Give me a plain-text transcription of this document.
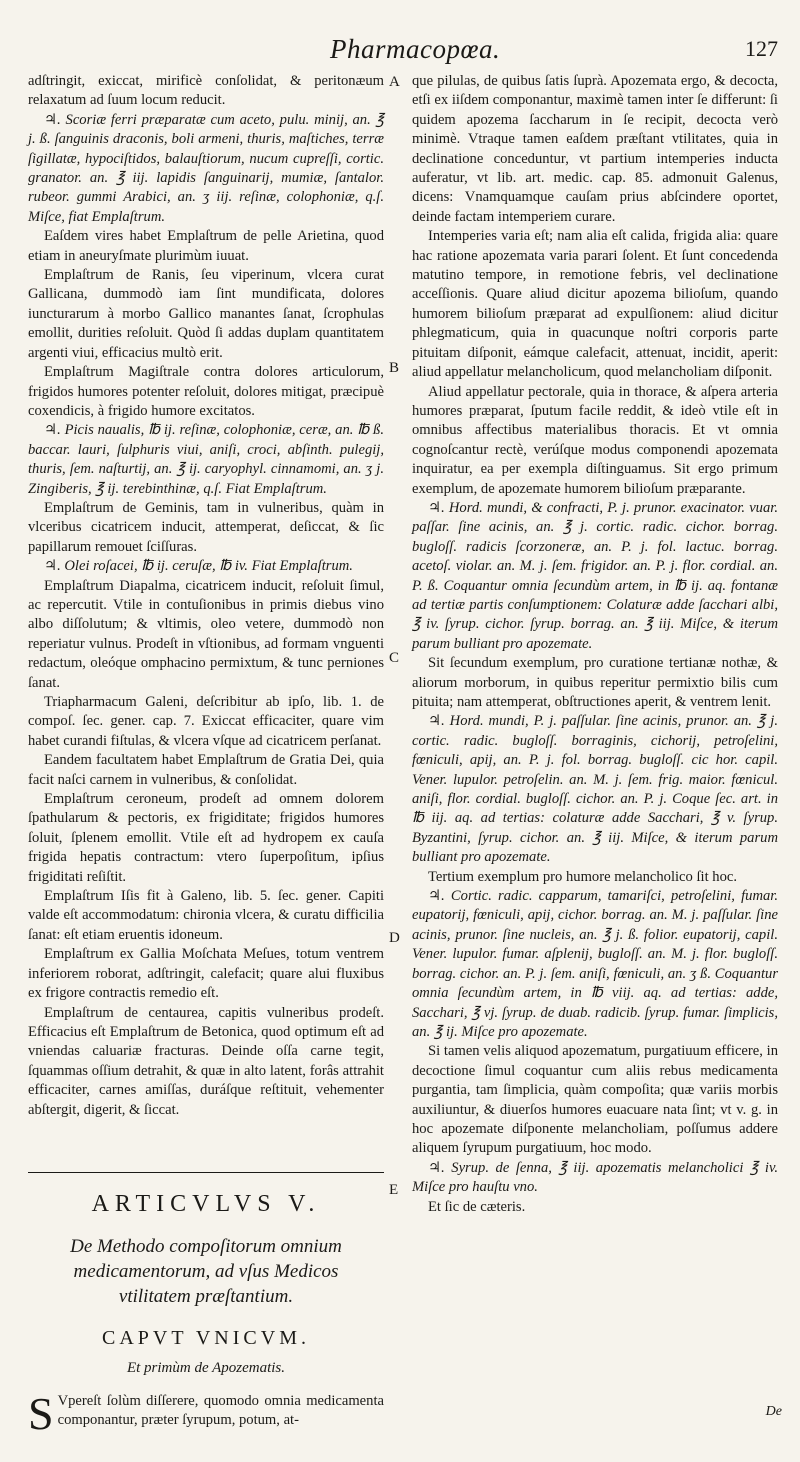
Pharmacopœa.	127

adſtringit, exiccat, mirificè conſolidat, & peritonæum relaxatum ad ſuum locum reducit.

♃. Scoriæ ferri præparatæ cum aceto, pulu. minij, an. ℥ j. ß. ſanguinis draconis, boli armeni, thuris, maſtiches, terræ ſigillatæ, hypociſtidos, balauſtiorum, nucum cupreſſi, cortic. granator. an. ℥ iij. lapidis ſanguinarij, mumiæ, ſantalor. rubeor. gummi Arabici, an. ʒ iij. reſinæ, colophoniæ, q.ſ. Miſce, fiat Emplaſtrum.

Eaſdem vires habet Emplaſtrum de pelle Arietina, quod etiam in aneuryſmate plurimùm iuuat.

Emplaſtrum de Ranis, ſeu viperinum, vlcera curat Gallicana, dummodò iam ſint mundificata, dolores iuncturarum à morbo Gallico manantes ſanat, ſcrophulas emollit, durities reſoluit. Quòd ſi addas duplam quantitatem argenti viui, efficacius multò erit.

Emplaſtrum Magiſtrale contra dolores articulorum, frigidos humores potenter reſoluit, dolores mitigat, præcipuè coxendicis, à frigido humore excitatos.

♃. Picis naualis, ℔ ij. reſinæ, colophoniæ, ceræ, an. ℔ ß. baccar. lauri, ſulphuris viui, aniſi, croci, abſinth. pulegij, thuris, ſem. naſturtij, an. ℥ ij. caryophyl. cinnamomi, an. ʒ j. Zingiberis, ℥ ij. terebinthinæ, q.ſ. Fiat Emplaſtrum.

Emplaſtrum de Geminis, tam in vulneribus, quàm in vlceribus cicatricem inducit, attemperat, deſiccat, & ſic papillarum remouet ſciſſuras.

♃. Olei roſacei, ℔ ij. ceruſæ, ℔ iv. Fiat Emplaſtrum.

Emplaſtrum Diapalma, cicatricem inducit, reſoluit ſimul, ac repercutit. Vtile in contuſionibus in primis diebus vino albo diſſolutum; & vltimis, oleo vetere, dummodò non reperiatur vulnus. Prodeſt in vſtionibus, ad formam vnguenti redactum, oleóque omphacino permixtum, & tunc perniones ſanat.

Triapharmacum Galeni, deſcribitur ab ipſo, lib. 1. de compoſ. ſec. gener. cap. 7. Exiccat efficaciter, quare vim habet curandi fiſtulas, & vlcera vſque ad cicatricem perſanat.

Eandem facultatem habet Emplaſtrum de Gratia Dei, quia facit naſci carnem in vulneribus, & conſolidat.

Emplaſtrum ceroneum, prodeſt ad omnem dolorem ſpathularum & pectoris, ex frigiditate; frigidos humores ſoluit, ſplenem emollit. Vtile eſt ad hydropem ex cauſa frigida hepatis contractum: vtero ſuperpoſitum, ipſius frigiditati reſiſtit.

Emplaſtrum Iſis fit à Galeno, lib. 5. ſec. gener. Capiti valde eſt accommodatum: chironia vlcera, & curatu difficilia ſanat: eſt etiam eruentis idoneum.

Emplaſtrum ex Gallia Moſchata Meſues, totum ventrem inferiorem roborat, adſtringit, calefacit; quare alui fluxibus ex frigore contractis remedio eſt.

Emplaſtrum de centaurea, capitis vulneribus prodeſt. Efficacius eſt Emplaſtrum de Betonica, quod optimum eſt ad vniendas caluariæ fracturas. Deinde oſſa carne tegit, ſquammas oſſium detrahit, & quæ in alto latent, forâs attrahit efficaciter, carnes amiſſas, duráſque reſtituit, vehementer abſtergit, digerit, & ſiccat.

A
B
C
D
E
ARTICVLVS V.
De Methodo compoſitorum omnium medicamentorum, ad vſus Medicos vtilitatem præſtantium.
CAPVT VNICVM.
Et primùm de Apozematis.
S Vpereſt ſolùm diſſerere, quomodo omnia medicamenta componantur, præter ſyrupum, potum, at-

que pilulas, de quibus ſatis ſuprà. Apozemata ergo, & decocta, etſi ex iiſdem componantur, maximè tamen inter ſe differunt: ſi quidem apozema ſaccharum in ſe recipit, decocta verò minimè. Vtraque tamen eaſdem præſtant vtilitates, quia in declinatione conceduntur, vt partium intemperies inducta auferatur, vt lib. art. medic. cap. 85. admonuit Galenus, dicens: Vnamquamque cauſam prius abſcindere oportet, deinde factam intemperiem curare.

Intemperies varia eſt; nam alia eſt calida, frigida alia: quare hac ratione apozemata varia parari ſolent. Et ſunt concedenda matutino tempore, in remotione febris, vel declinatione acceſſionis. Quare aliud dicitur apozema bilioſum, quando humorem bilioſum præparat ad expulſionem: aliud dicitur phlegmaticum, quia in quacunque noſtri corporis parte pituitam diſponit, eámque calefacit, attenuat, incidit, aperit: aliud appellatur melancholicum, quod melancholiam diſponit.

Aliud appellatur pectorale, quia in thorace, & aſpera arteria humores præparat, ſputum facile reddit, & ideò vtile eſt in omnibus affectibus materialibus thoracis. Et vt omnia cognoſcantur rectè, verúſque modus componendi apozemata inquiratur, ea per exempla diſtinguamus. Sit ergo primum exemplum, de apozemate humorem bilioſum præparante.

♃. Hord. mundi, & confracti, P. j. prunor. exacinator. vuar. paſſar. ſine acinis, an. ℥ j. cortic. radic. cichor. borrag. bugloſſ. radicis ſcorzoneræ, an. P. j. fol. lactuc. borrag. acetoſ. violar. an. M. j. ſem. frigidor. an. P. j. flor. cordial. an. P. ß. Coquantur omnia ſecundùm artem, in ℔ ij. aq. fontanæ ad tertiæ partis conſumptionem: Colaturæ adde ſacchari albi, ℥ iv. ſyrup. cichor. ſyrup. borrag. an. ℥ iij. Miſce, & iterum parum bulliant pro apozemate.

Sit ſecundum exemplum, pro curatione tertianæ nothæ, & aliorum morborum, in quibus reperitur permixtio bilis cum pituita; nam attemperat, obſtructiones aperit, & ventrem lenit.

♃. Hord. mundi, P. j. paſſular. ſine acinis, prunor. an. ℥ j. cortic. radic. bugloſſ. borraginis, cichorij, petroſelini, fœniculi, apij, an. P. j. fol. borrag. bugloſſ. cic hor. capil. Vener. lupulor. petroſelin. an. M. j. ſem. frig. maior. fœnicul. aniſi, flor. cordial. bugloſſ. cichor. an. P. j. Coque ſec. art. in ℔ iij. aq. ad tertias: colaturæ adde Sacchari, ℥ v. ſyrup. Byzantini, ſyrup. cichor. an. ℥ iij. Miſce, & iterum parum bulliant pro apozemate.

Tertium exemplum pro humore melancholico ſit hoc.

♃. Cortic. radic. capparum, tamariſci, petroſelini, fumar. eupatorij, fœniculi, apij, cichor. borrag. an. M. j. paſſular. ſine acinis, prunor. ſine nucleis, an. ℥ j. ß. folior. eupatorij, capil. Vener. lupulor. fumar. aſplenij, bugloſſ. an. M. j. flor. bugloſſ. borrag. cichor. an. P. j. ſem. aniſi, fœniculi, an. ʒ ß. Coquantur omnia ſecundùm artem, in ℔ viij. aq. ad tertias: adde, Sacchari, ℥ vj. ſyrup. de duab. radicib. ſyrup. fumar. ſimplicis, an. ℥ ij. Miſce pro apozemate.

Si tamen velis aliquod apozematum, purgatiuum efficere, in decoctione ſimul coquantur cum aliis rebus medicamenta purgantia, tam ſimplicia, quàm compoſita; quæ variis morbis auxiliuntur, & diuerſos humores euacuare nata ſint; vt v. g. in hoc apozemate diſponente melancholiam, poſſumus addere aliquem ſyrupum purgatiuum, hoc modo.

♃. Syrup. de ſenna, ℥ iij. apozematis melancholici ℥ iv. Miſce pro hauſtu vno.

Et ſic de cæteris.

De
